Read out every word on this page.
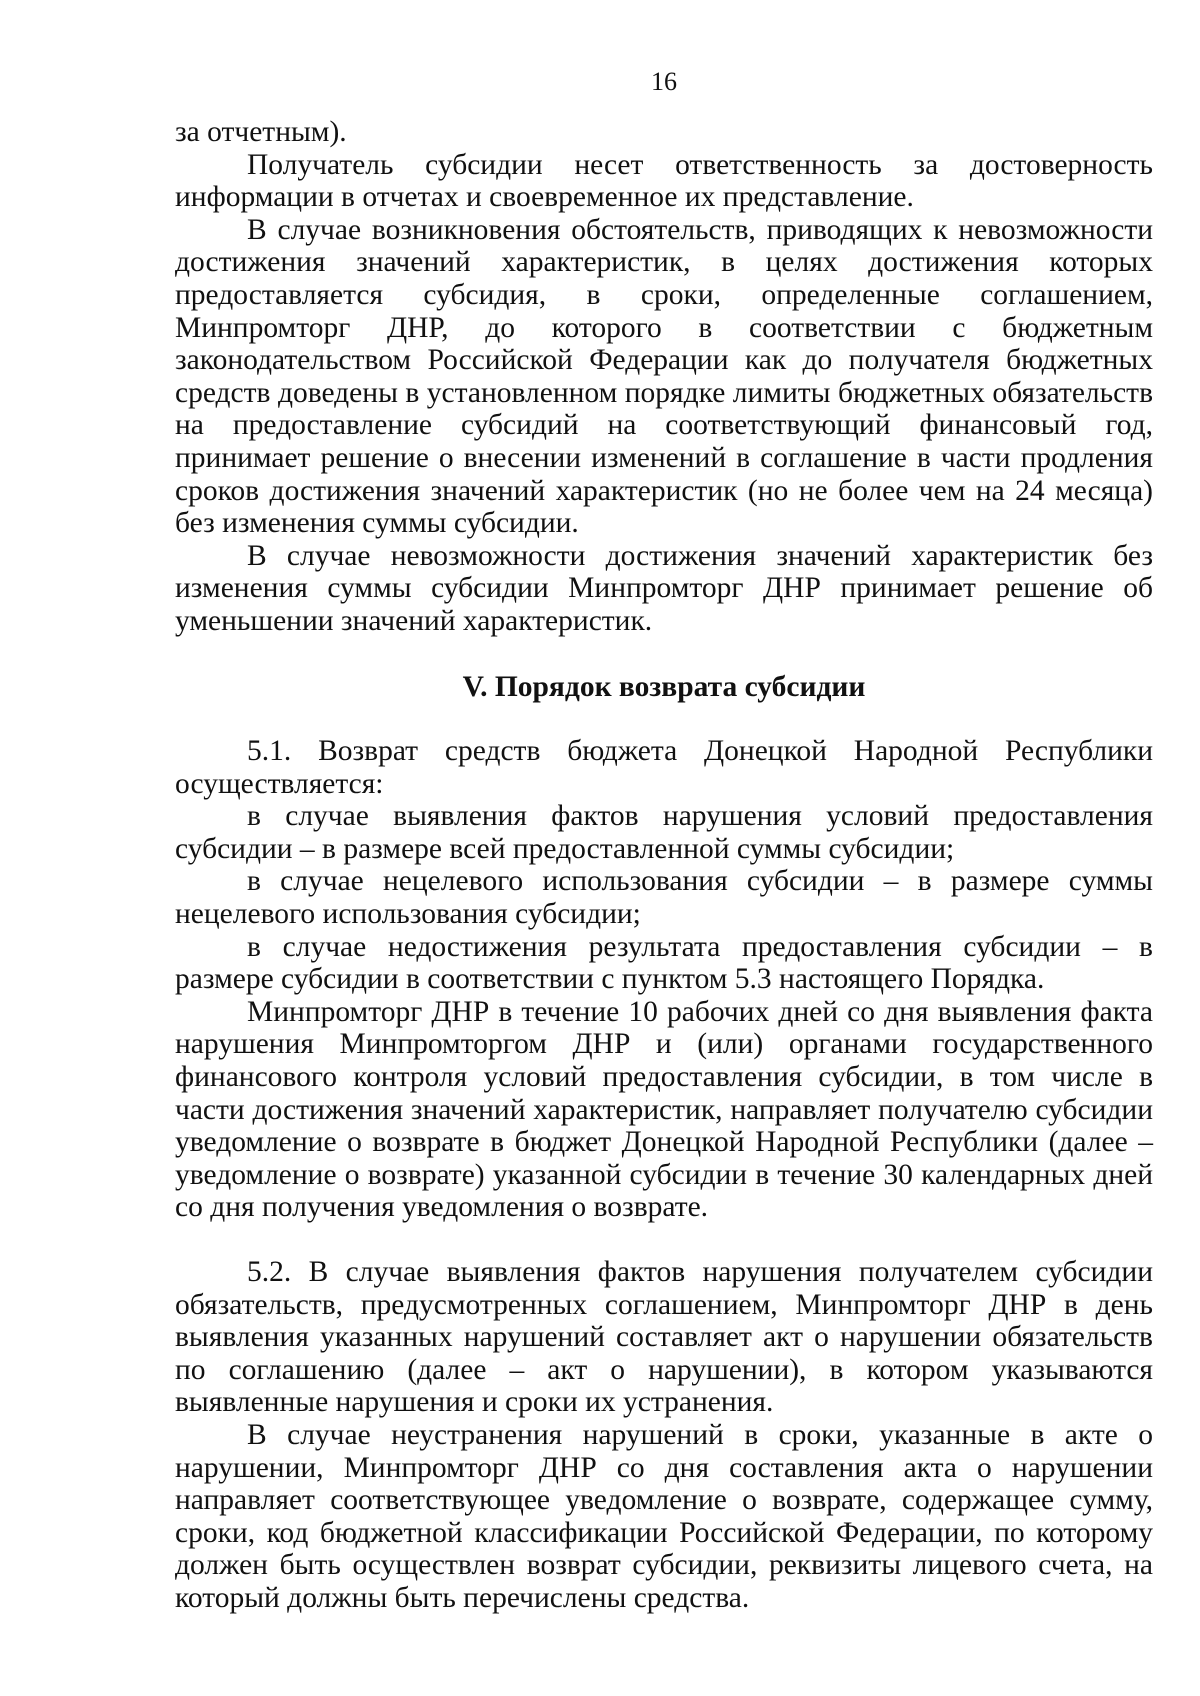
16

за отчетным).

Получатель субсидии несет ответственность за достоверность информации в отчетах и своевременное их представление.

В случае возникновения обстоятельств, приводящих к невозможности достижения значений характеристик, в целях достижения которых предоставляется субсидия, в сроки, определенные соглашением, Минпромторг ДНР, до которого в соответствии с бюджетным законодательством Российской Федерации как до получателя бюджетных средств доведены в установленном порядке лимиты бюджетных обязательств на предоставление субсидий на соответствующий финансовый год, принимает решение о внесении изменений в соглашение в части продления сроков достижения значений характеристик (но не более чем на 24 месяца) без изменения суммы субсидии.

В случае невозможности достижения значений характеристик без изменения суммы субсидии Минпромторг ДНР принимает решение об уменьшении значений характеристик.

V. Порядок возврата субсидии

5.1. Возврат средств бюджета Донецкой Народной Республики осуществляется:

в случае выявления фактов нарушения условий предоставления субсидии – в размере всей предоставленной суммы субсидии;

в случае нецелевого использования субсидии – в размере суммы нецелевого использования субсидии;

в случае недостижения результата предоставления субсидии – в размере субсидии в соответствии с пунктом 5.3 настоящего Порядка.

Минпромторг ДНР в течение 10 рабочих дней со дня выявления факта нарушения Минпромторгом ДНР и (или) органами государственного финансового контроля условий предоставления субсидии, в том числе в части достижения значений характеристик, направляет получателю субсидии уведомление о возврате в бюджет Донецкой Народной Республики (далее – уведомление о возврате) указанной субсидии в течение 30 календарных дней со дня получения уведомления о возврате.

5.2. В случае выявления фактов нарушения получателем субсидии обязательств, предусмотренных соглашением, Минпромторг ДНР в день выявления указанных нарушений составляет акт о нарушении обязательств по соглашению (далее – акт о нарушении), в котором указываются выявленные нарушения и сроки их устранения.

В случае неустранения нарушений в сроки, указанные в акте о нарушении, Минпромторг ДНР со дня составления акта о нарушении направляет соответствующее уведомление о возврате, содержащее сумму, сроки, код бюджетной классификации Российской Федерации, по которому должен быть осуществлен возврат субсидии, реквизиты лицевого счета, на который должны быть перечислены средства.
